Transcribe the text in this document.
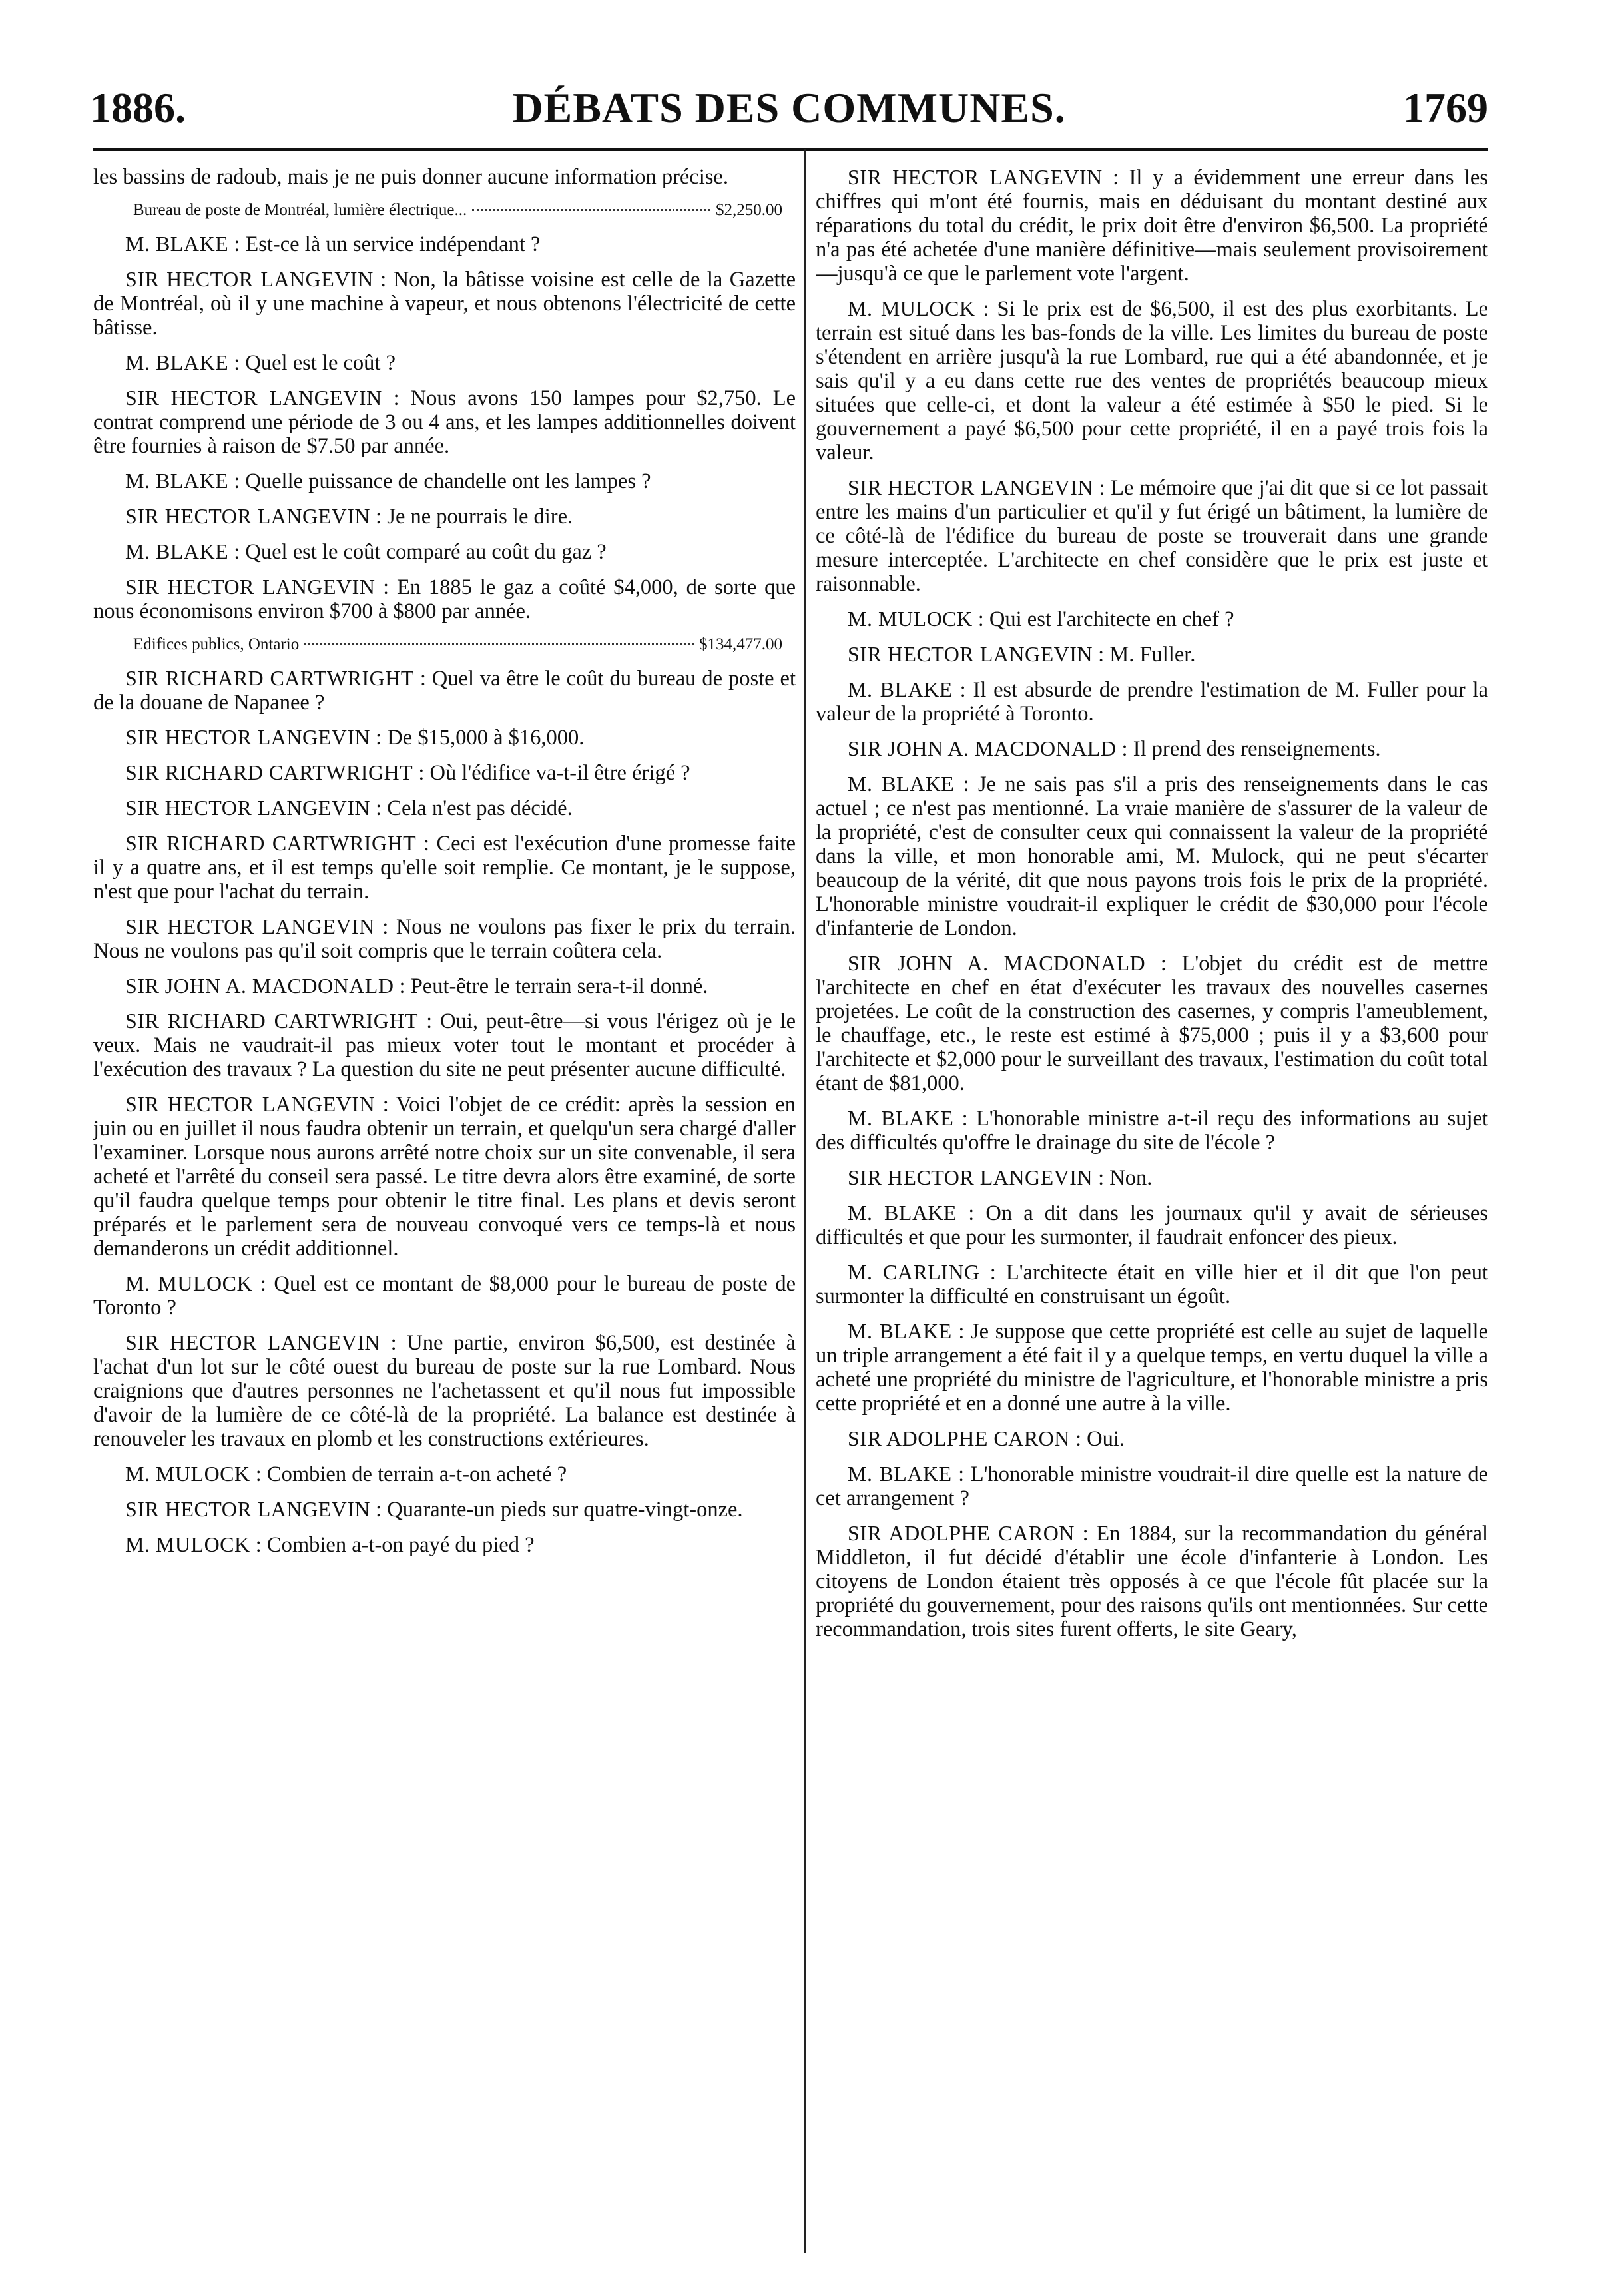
1886.	DÉBATS DES COMMUNES.	1769

les bassins de radoub, mais je ne puis donner aucune information précise.

Bureau de poste de Montréal, lumière électrique...	$2,250.00

M. BLAKE : Est-ce là un service indépendant ?

SIR HECTOR LANGEVIN : Non, la bâtisse voisine est celle de la Gazette de Montréal, où il y une machine à vapeur, et nous obtenons l'électricité de cette bâtisse.

M. BLAKE : Quel est le coût ?

SIR HECTOR LANGEVIN : Nous avons 150 lampes pour $2,750. Le contrat comprend une période de 3 ou 4 ans, et les lampes additionnelles doivent être fournies à raison de $7.50 par année.

M. BLAKE : Quelle puissance de chandelle ont les lampes ?

SIR HECTOR LANGEVIN : Je ne pourrais le dire.

M. BLAKE : Quel est le coût comparé au coût du gaz ?

SIR HECTOR LANGEVIN : En 1885 le gaz a coûté $4,000, de sorte que nous économisons environ $700 à $800 par année.

Edifices publics, Ontario	$134,477.00

SIR RICHARD CARTWRIGHT : Quel va être le coût du bureau de poste et de la douane de Napanee ?

SIR HECTOR LANGEVIN : De $15,000 à $16,000.

SIR RICHARD CARTWRIGHT : Où l'édifice va-t-il être érigé ?

SIR HECTOR LANGEVIN : Cela n'est pas décidé.

SIR RICHARD CARTWRIGHT : Ceci est l'exécution d'une promesse faite il y a quatre ans, et il est temps qu'elle soit remplie. Ce montant, je le suppose, n'est que pour l'achat du terrain.

SIR HECTOR LANGEVIN : Nous ne voulons pas fixer le prix du terrain. Nous ne voulons pas qu'il soit compris que le terrain coûtera cela.

SIR JOHN A. MACDONALD : Peut-être le terrain sera-t-il donné.

SIR RICHARD CARTWRIGHT : Oui, peut-être—si vous l'érigez où je le veux. Mais ne vaudrait-il pas mieux voter tout le montant et procéder à l'exécution des travaux ? La question du site ne peut présenter aucune difficulté.

SIR HECTOR LANGEVIN : Voici l'objet de ce crédit: après la session en juin ou en juillet il nous faudra obtenir un terrain, et quelqu'un sera chargé d'aller l'examiner. Lorsque nous aurons arrêté notre choix sur un site convenable, il sera acheté et l'arrêté du conseil sera passé. Le titre devra alors être examiné, de sorte qu'il faudra quelque temps pour obtenir le titre final. Les plans et devis seront préparés et le parlement sera de nouveau convoqué vers ce temps-là et nous demanderons un crédit additionnel.

M. MULOCK : Quel est ce montant de $8,000 pour le bureau de poste de Toronto ?

SIR HECTOR LANGEVIN : Une partie, environ $6,500, est destinée à l'achat d'un lot sur le côté ouest du bureau de poste sur la rue Lombard. Nous craignions que d'autres personnes ne l'achetassent et qu'il nous fut impossible d'avoir de la lumière de ce côté-là de la propriété. La balance est destinée à renouveler les travaux en plomb et les constructions extérieures.

M. MULOCK : Combien de terrain a-t-on acheté ?

SIR HECTOR LANGEVIN : Quarante-un pieds sur quatre-vingt-onze.

M. MULOCK : Combien a-t-on payé du pied ?

SIR HECTOR LANGEVIN : Il y a évidemment une erreur dans les chiffres qui m'ont été fournis, mais en déduisant du montant destiné aux réparations du total du crédit, le prix doit être d'environ $6,500. La propriété n'a pas été achetée d'une manière définitive—mais seulement provisoirement —jusqu'à ce que le parlement vote l'argent.

M. MULOCK : Si le prix est de $6,500, il est des plus exorbitants. Le terrain est situé dans les bas-fonds de la ville. Les limites du bureau de poste s'étendent en arrière jusqu'à la rue Lombard, rue qui a été abandonnée, et je sais qu'il y a eu dans cette rue des ventes de propriétés beaucoup mieux situées que celle-ci, et dont la valeur a été estimée à $50 le pied. Si le gouvernement a payé $6,500 pour cette propriété, il en a payé trois fois la valeur.

SIR HECTOR LANGEVIN : Le mémoire que j'ai dit que si ce lot passait entre les mains d'un particulier et qu'il y fut érigé un bâtiment, la lumière de ce côté-là de l'édifice du bureau de poste se trouverait dans une grande mesure interceptée. L'architecte en chef considère que le prix est juste et raisonnable.

M. MULOCK : Qui est l'architecte en chef ?

SIR HECTOR LANGEVIN : M. Fuller.

M. BLAKE : Il est absurde de prendre l'estimation de M. Fuller pour la valeur de la propriété à Toronto.

SIR JOHN A. MACDONALD : Il prend des renseignements.

M. BLAKE : Je ne sais pas s'il a pris des renseignements dans le cas actuel ; ce n'est pas mentionné. La vraie manière de s'assurer de la valeur de la propriété, c'est de consulter ceux qui connaissent la valeur de la propriété dans la ville, et mon honorable ami, M. Mulock, qui ne peut s'écarter beaucoup de la vérité, dit que nous payons trois fois le prix de la propriété. L'honorable ministre voudrait-il expliquer le crédit de $30,000 pour l'école d'infanterie de London.

SIR JOHN A. MACDONALD : L'objet du crédit est de mettre l'architecte en chef en état d'exécuter les travaux des nouvelles casernes projetées. Le coût de la construction des casernes, y compris l'ameublement, le chauffage, etc., le reste est estimé à $75,000 ; puis il y a $3,600 pour l'architecte et $2,000 pour le surveillant des travaux, l'estimation du coût total étant de $81,000.

M. BLAKE : L'honorable ministre a-t-il reçu des informations au sujet des difficultés qu'offre le drainage du site de l'école ?

SIR HECTOR LANGEVIN : Non.

M. BLAKE : On a dit dans les journaux qu'il y avait de sérieuses difficultés et que pour les surmonter, il faudrait enfoncer des pieux.

M. CARLING : L'architecte était en ville hier et il dit que l'on peut surmonter la difficulté en construisant un égoût.

M. BLAKE : Je suppose que cette propriété est celle au sujet de laquelle un triple arrangement a été fait il y a quelque temps, en vertu duquel la ville a acheté une propriété du ministre de l'agriculture, et l'honorable ministre a pris cette propriété et en a donné une autre à la ville.

SIR ADOLPHE CARON : Oui.

M. BLAKE : L'honorable ministre voudrait-il dire quelle est la nature de cet arrangement ?

SIR ADOLPHE CARON : En 1884, sur la recommandation du général Middleton, il fut décidé d'établir une école d'infanterie à London. Les citoyens de London étaient très opposés à ce que l'école fût placée sur la propriété du gouvernement, pour des raisons qu'ils ont mentionnées. Sur cette recommandation, trois sites furent offerts, le site Geary,
